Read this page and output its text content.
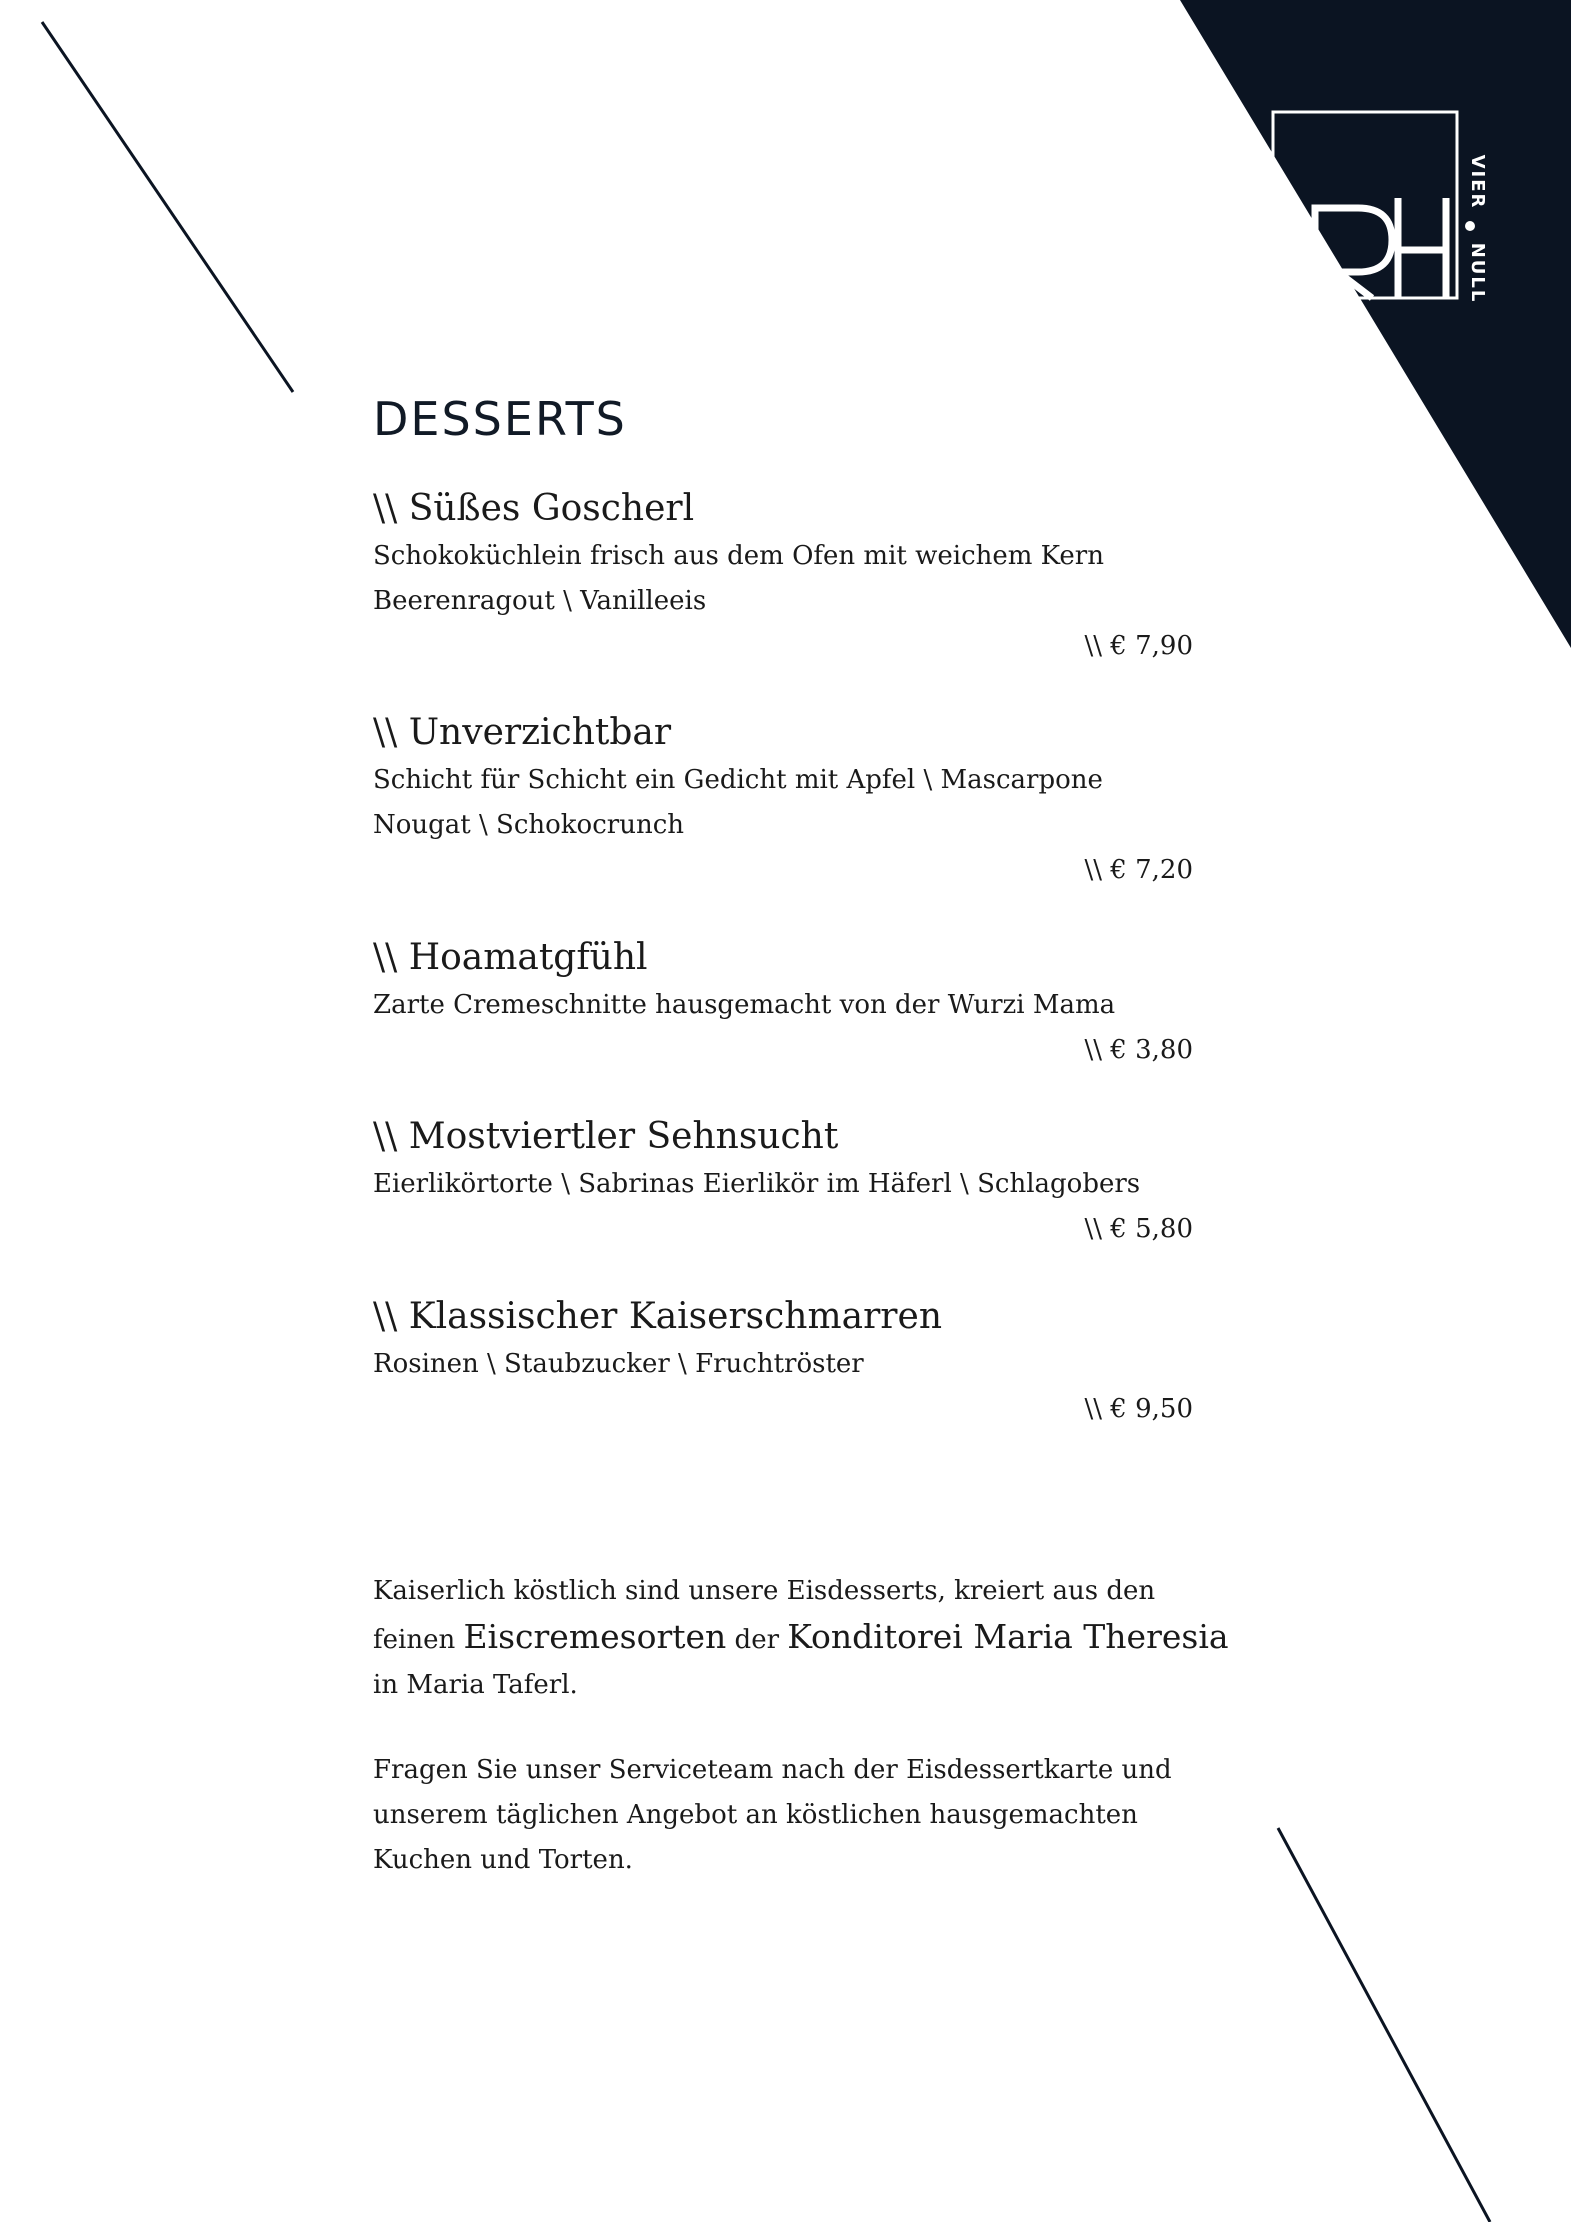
VIER
NULL
DESSERTS

\\ Süßes Goscherl

Schokoküchlein frisch aus dem Ofen mit weichem Kern

Beerenragout \ Vanilleeis

\\ € 7,90

\\ Unverzichtbar

Schicht für Schicht ein Gedicht mit Apfel \ Mascarpone

Nougat \ Schokocrunch

\\ € 7,20

\\ Hoamatgfühl

Zarte Cremeschnitte hausgemacht von der Wurzi Mama

\\ € 3,80

\\ Mostviertler Sehnsucht

Eierlikörtorte \ Sabrinas Eierlikör im Häferl \ Schlagobers

\\ € 5,80

\\ Klassischer Kaiserschmarren

Rosinen \ Staubzucker \ Fruchtröster

\\ € 9,50

Kaiserlich köstlich sind unsere Eisdesserts, kreiert aus den
feinen Eiscremesorten der Konditorei Maria Theresia
in Maria Taferl.
Fragen Sie unser Serviceteam nach der Eisdessertkarte und
unserem täglichen Angebot an köstlichen hausgemachten
Kuchen und Torten.
